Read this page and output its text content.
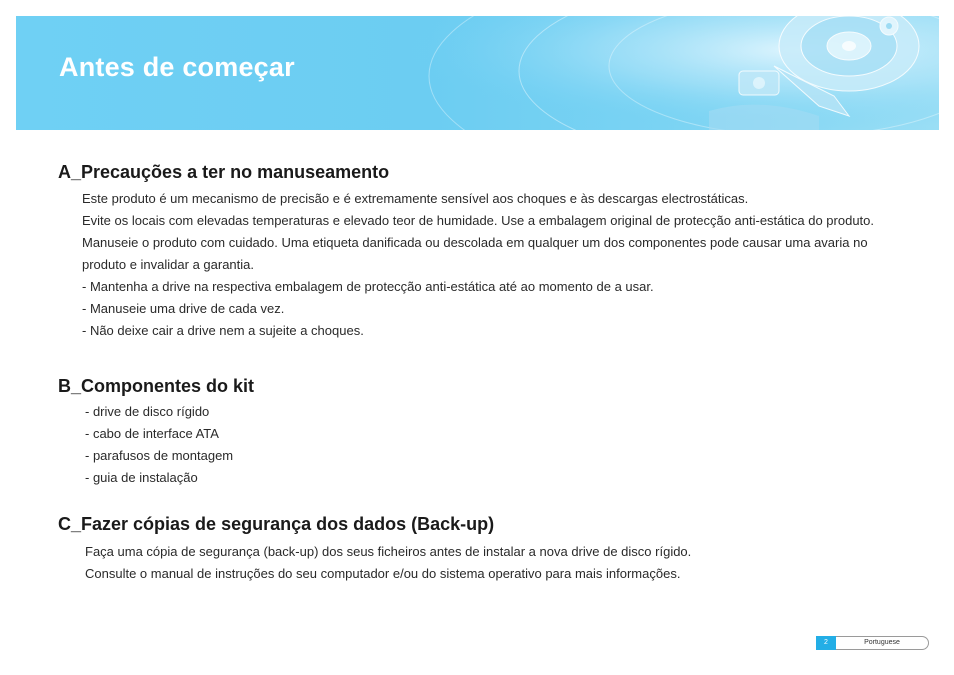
Antes de começar
A_Precauções a ter no manuseamento

Este produto é um mecanismo de precisão e é extremamente sensível aos choques e às descargas electrostáticas.

Evite os locais com elevadas temperaturas e elevado teor de humidade. Use a embalagem original de protecção anti-estática do produto.

Manuseie o produto com cuidado. Uma etiqueta danificada ou descolada em qualquer um dos componentes pode causar uma avaria no

produto e invalidar a garantia.

- Mantenha a drive na respectiva embalagem de protecção anti-estática até ao momento de a usar.
- Manuseie uma drive de cada vez.
- Não deixe cair a drive nem a sujeite a choques.
B_Componentes do kit
- drive de disco rígido
- cabo de interface ATA
- parafusos de montagem
- guia de instalação
C_Fazer cópias de segurança dos dados (Back-up)

Faça uma cópia de segurança (back-up) dos seus ficheiros antes de instalar a nova drive de disco rígido.

Consulte o manual de instruções do seu computador e/ou do sistema operativo para mais informações.

2	Portuguese
